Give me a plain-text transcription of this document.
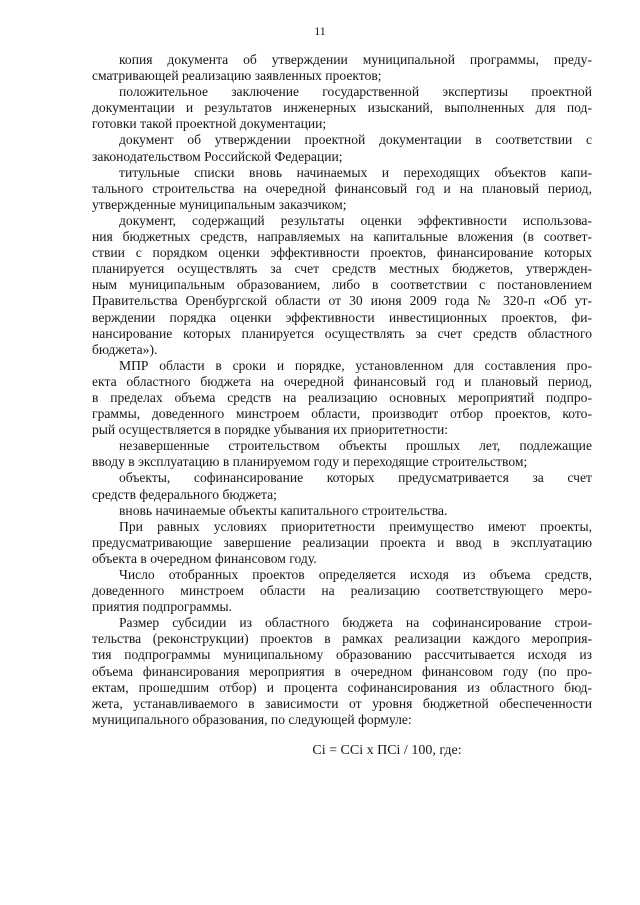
11
копия документа об утверждении муниципальной программы, преду-
сматривающей реализацию заявленных проектов;
положительное заключение государственной экспертизы проектной
документации и результатов инженерных изысканий, выполненных для под-
готовки такой проектной документации;
документ об утверждении проектной документации в соответствии с
законодательством Российской Федерации;
титульные списки вновь начинаемых и переходящих объектов капи-
тального строительства на очередной финансовый год и на плановый период,
утвержденные муниципальным заказчиком;
документ, содержащий результаты оценки эффективности использова-
ния бюджетных средств, направляемых на капитальные вложения (в соответ-
ствии с порядком оценки эффективности проектов, финансирование которых
планируется осуществлять за счет средств местных бюджетов, утвержден-
ным муниципальным образованием, либо в соответствии с постановлением
Правительства Оренбургской области от 30 июня 2009 года № 320-п «Об ут-
верждении порядка оценки эффективности инвестиционных проектов, фи-
нансирование которых планируется осуществлять за счет средств областного
бюджета»).
МПР области в сроки и порядке, установленном для составления про-
екта областного бюджета на очередной финансовый год и плановый период,
в пределах объема средств на реализацию основных мероприятий подпро-
граммы, доведенного минстроем области, производит отбор проектов, кото-
рый осуществляется в порядке убывания их приоритетности:
незавершенные строительством объекты прошлых лет, подлежащие
вводу в эксплуатацию в планируемом году и переходящие строительством;
объекты, софинансирование которых предусматривается за счет
средств федерального бюджета;
вновь начинаемые объекты капитального строительства.
При равных условиях приоритетности преимущество имеют проекты,
предусматривающие завершение реализации проекта и ввод в эксплуатацию
объекта в очередном финансовом году.
Число отобранных проектов определяется исходя из объема средств,
доведенного минстроем области на реализацию соответствующего меро-
приятия подпрограммы.
Размер субсидии из областного бюджета на софинансирование строи-
тельства (реконструкции) проектов в рамках реализации каждого мероприя-
тия подпрограммы муниципальному образованию рассчитывается исходя из
объема финансирования мероприятия в очередном финансовом году (по про-
ектам, прошедшим отбор) и процента софинансирования из областного бюд-
жета, устанавливаемого в зависимости от уровня бюджетной обеспеченности
муниципального образования, по следующей формуле:
Ci = CCi x ПCi / 100, где:
